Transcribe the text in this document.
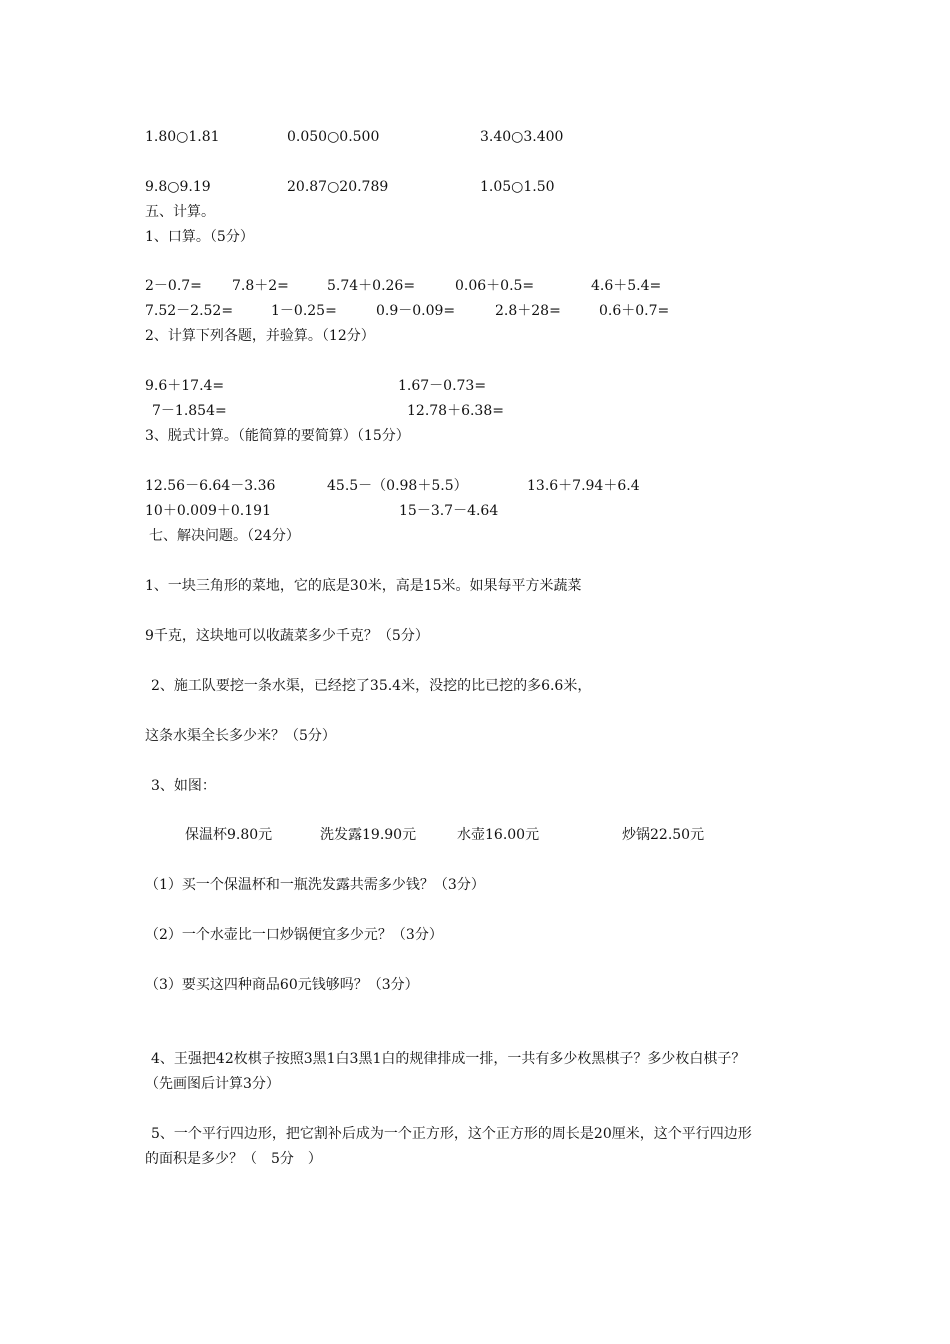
1.80○1.81	0.050○0.500	3.40○3.400
9.8○9.19	20.87○20.789	1.05○1.50
五、计算。
1、口算。（5分）
2－0.7= 7.8＋2=	5.74＋0.26=	0.06＋0.5=	4.6＋5.4=
7.52－2.52=	1－0.25=	0.9－0.09=	2.8＋28=	0.6＋0.7=
2、计算下列各题，并验算。（12分）
9.6＋17.4=	1.67－0.73=
7－1.854=	12.78＋6.38=
3、脱式计算。（能简算的要简算）（15分）
12.56－6.64－3.36	45.5－（0.98＋5.5）	13.6＋7.94＋6.4
10＋0.009＋0.191	15－3.7－4.64
七、解决问题。（24分）
1、一块三角形的菜地，它的底是30米，高是15米。如果每平方米蔬菜
9千克，这块地可以收蔬菜多少千克？（5分）
2、施工队要挖一条水渠，已经挖了35.4米，没挖的比已挖的多6.6米，
这条水渠全长多少米？（5分）
3、如图：
保温杯9.80元	洗发露19.90元	水壶16.00元	炒锅22.50元
（1）买一个保温杯和一瓶洗发露共需多少钱？（3分）
（2）一个水壶比一口炒锅便宜多少元？（3分）
（3）要买这四种商品60元钱够吗？（3分）
4、王强把42枚棋子按照3黑1白3黑1白的规律排成一排，一共有多少枚黑棋子？多少枚白棋子？
（先画图后计算3分）
5、一个平行四边形，把它割补后成为一个正方形，这个正方形的周长是20厘米，这个平行四边形
的面积是多少？（　5分　）
